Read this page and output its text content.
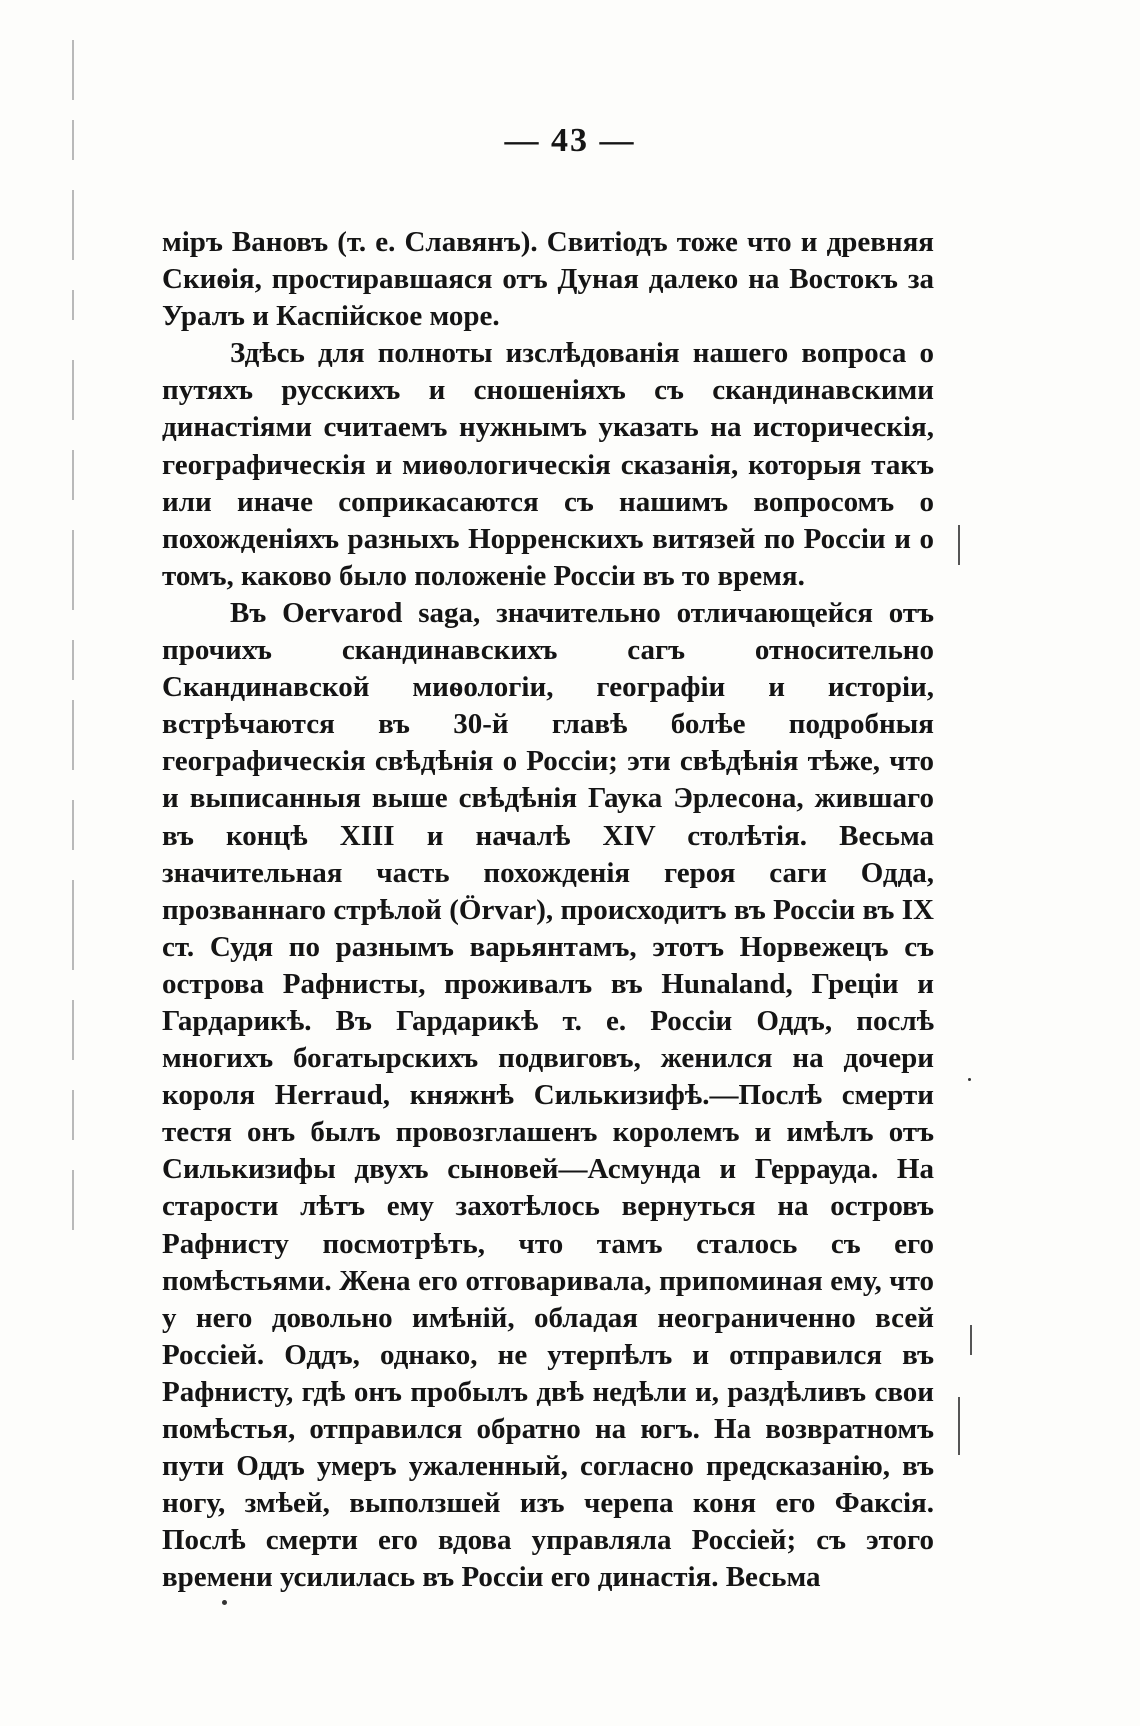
— 43 —

міръ Вановъ (т. е. Славянъ). Свитіодъ тоже что и древняя Скиѳія, простиравшаяся отъ Дуная далеко на Востокъ за Уралъ и Каспійское море.

Здѣсь для полноты изслѣдованія нашего вопроса о путяхъ русскихъ и сношеніяхъ съ скандинавскими династіями считаемъ нужнымъ указать на историческія, географическія и миѳологическія сказанія, которыя такъ или иначе соприкасаются съ нашимъ вопросомъ о похожденіяхъ разныхъ Норренскихъ витязей по Россіи и о томъ, каково было положеніе Россіи въ то время.

Въ Oervarod saga, значительно отличающейся отъ прочихъ скандинавскихъ сагъ относительно Скандинавской миѳологіи, географіи и исторіи, встрѣчаются въ 30-й главѣ болѣе подробныя географическія свѣдѣнія о Россіи; эти свѣдѣнія тѣже, что и выписанныя выше свѣдѣнія Гаука Эрлесона, жившаго въ концѣ XIII и началѣ XIV столѣтія. Весьма значительная часть похожденія героя саги Одда, прозваннаго стрѣлой (Örvar), происходитъ въ Россіи въ IX ст. Судя по разнымъ варьянтамъ, этотъ Норвежецъ съ острова Рафнисты, проживалъ въ Hunaland, Греціи и Гардарикѣ. Въ Гардарикѣ т. е. Россіи Оддъ, послѣ многихъ богатырскихъ подвиговъ, женился на дочери короля Herraud, княжнѣ Силькизифѣ.—Послѣ смерти тестя онъ былъ провозглашенъ королемъ и имѣлъ отъ Силькизифы двухъ сыновей—Асмунда и Герраудa. На старости лѣтъ ему захотѣлось вернуться на островъ Рафнисту посмотрѣть, что тамъ сталось съ его помѣстьями. Жена его отговаривала, припоминая ему, что у него довольно имѣній, обладая неограниченно всей Россіей. Оддъ, однако, не утерпѣлъ и отправился въ Рафнисту, гдѣ онъ пробылъ двѣ недѣли и, раздѣливъ свои помѣстья, отправился обратно на югъ. На возвратномъ пути Оддъ умеръ ужаленный, согласно предсказанію, въ ногу, змѣей, выползшей изъ черепа коня его Факсія. Послѣ смерти его вдова управляла Россіей; съ этого времени усилилась въ Россіи его династія. Весьма
